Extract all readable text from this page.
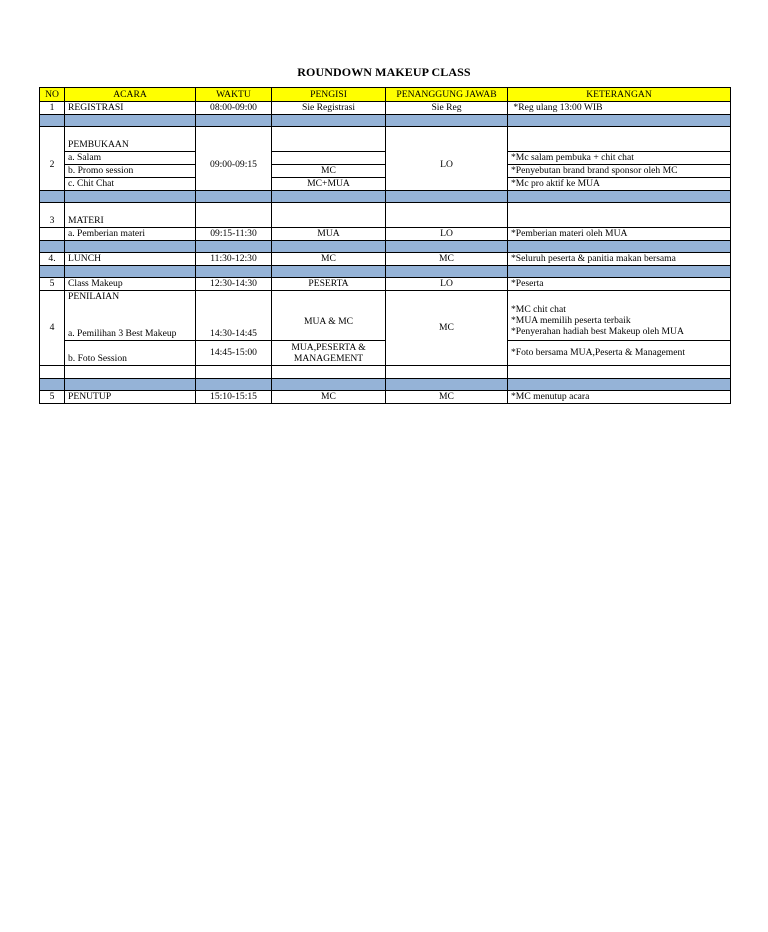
ROUNDOWN MAKEUP CLASS
NO	ACARA	WAKTU	PENGISI	PENANGGUNG JAWAB	KETERANGAN
1	REGISTRASI	08:00-09:00	Sie Registrasi	Sie Reg	*Reg ulang 13:00 WIB

2	PEMBUKAAN	09:00-09:15		LO	
	a. Salam				*Mc salam pembuka + chit chat
	b. Promo session		MC		*Penyebutan brand brand sponsor oleh MC
	c. Chit Chat		MC+MUA		*Mc pro aktif ke MUA

3	MATERI				
	a. Pemberian materi	09:15-11:30	MUA	LO	*Pemberian materi oleh MUA

4.	LUNCH	11:30-12:30	MC	MC	*Seluruh peserta & panitia makan bersama

5	Class Makeup	12:30-14:30	PESERTA	LO	*Peserta
4	PENILAIAN			MC	
	a. Pemilihan 3 Best Makeup	14:30-14:45	MUA & MC		*MC chit chat
*MUA memilih peserta terbaik
*Penyerahan hadiah best Makeup oleh MUA

	b. Foto Session	14:45-15:00	MUA,PESERTA & MANAGEMENT		*Foto bersama MUA,Peserta & Management

5	PENUTUP	15:10-15:15	MC	MC	*MC menutup acara
